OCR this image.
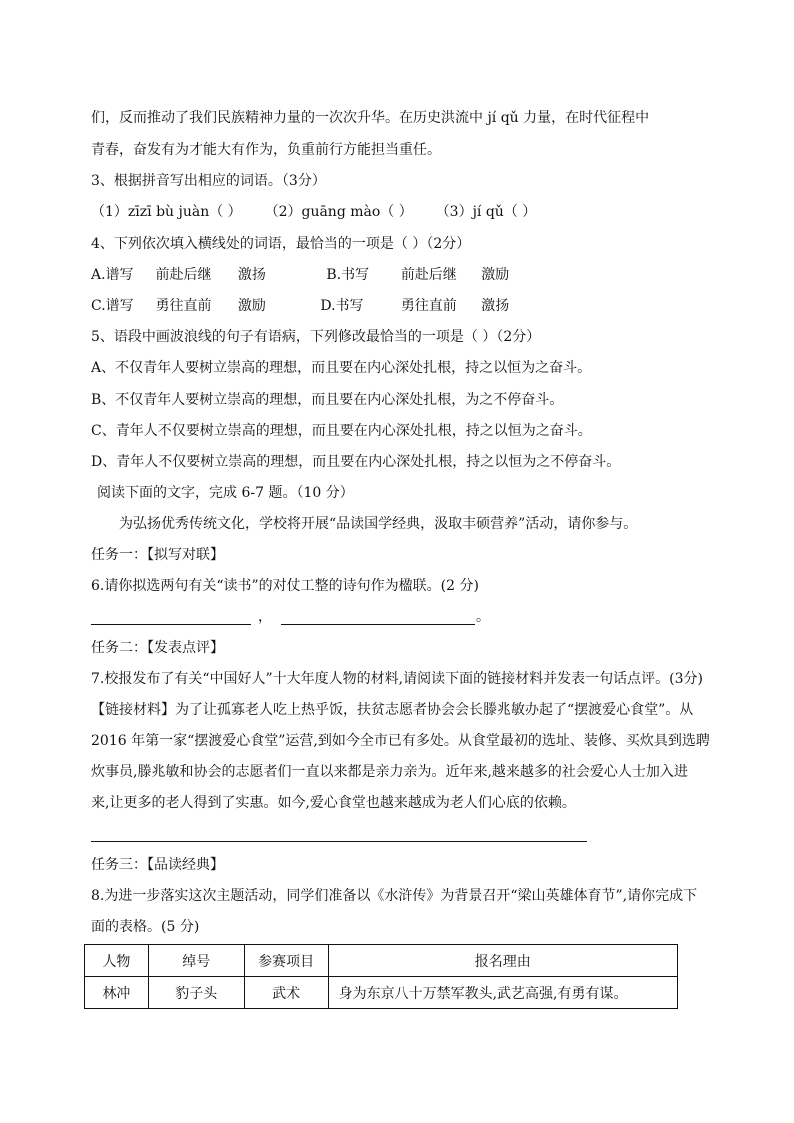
们，反而推动了我们民族精神力量的一次次升华。在历史洪流中 jí qǔ 力量，在时代征程中
青春，奋发有为才能大有作为，负重前行方能担当重任。
3、根据拼音写出相应的词语。（3分）
（1）zīzī bù juàn（ ） （2）guāng mào（ ） （3）jí qǔ（ ）
4、下列依次填入横线处的词语，最恰当的一项是（ ）（2分）
A.谱写 前赴后继 激扬	B.书写 前赴后继 激励
C.谱写 勇往直前 激励	D.书写	勇往直前 激扬
5、语段中画波浪线的句子有语病，下列修改最恰当的一项是（ ）（2分）
A、不仅青年人要树立崇高的理想，而且要在内心深处扎根，持之以恒为之奋斗。
B、不仅青年人要树立崇高的理想，而且要在内心深处扎根，为之不停奋斗。
C、青年人不仅要树立崇高的理想，而且要在内心深处扎根，持之以恒为之奋斗。
D、青年人不仅要树立崇高的理想，而且要在内心深处扎根，持之以恒为之不停奋斗。
阅读下面的文字，完成 6-7 题。（10 分）
为弘扬优秀传统文化，学校将开展“品读国学经典，汲取丰硕营养”活动，请你参与。
任务一：【拟写对联】
6.请你拟选两句有关“读书”的对仗工整的诗句作为楹联。(2 分)
，	。
任务二：【发表点评】
7.校报发布了有关“中国好人”十大年度人物的材料,请阅读下面的链接材料并发表一句话点评。(3分)
【链接材料】为了让孤寡老人吃上热乎饭，扶贫志愿者协会会长滕兆敏办起了“摆渡爱心食堂”。从
2016 年第一家“摆渡爱心食堂”运营,到如今全市已有多处。从食堂最初的选址、装修、买炊具到选聘
炊事员,滕兆敏和协会的志愿者们一直以来都是亲力亲为。近年来,越来越多的社会爱心人士加入进
来,让更多的老人得到了实惠。如今,爱心食堂也越来越成为老人们心底的依赖。
任务三：【品读经典】
8.为进一步落实这次主题活动，同学们准备以《水浒传》为背景召开“梁山英雄体育节”,请你完成下
面的表格。(5 分)
人物	绰号	参赛项目	报名理由
林冲	豹子头	武术	身为东京八十万禁军教头,武艺高强,有勇有谋。
